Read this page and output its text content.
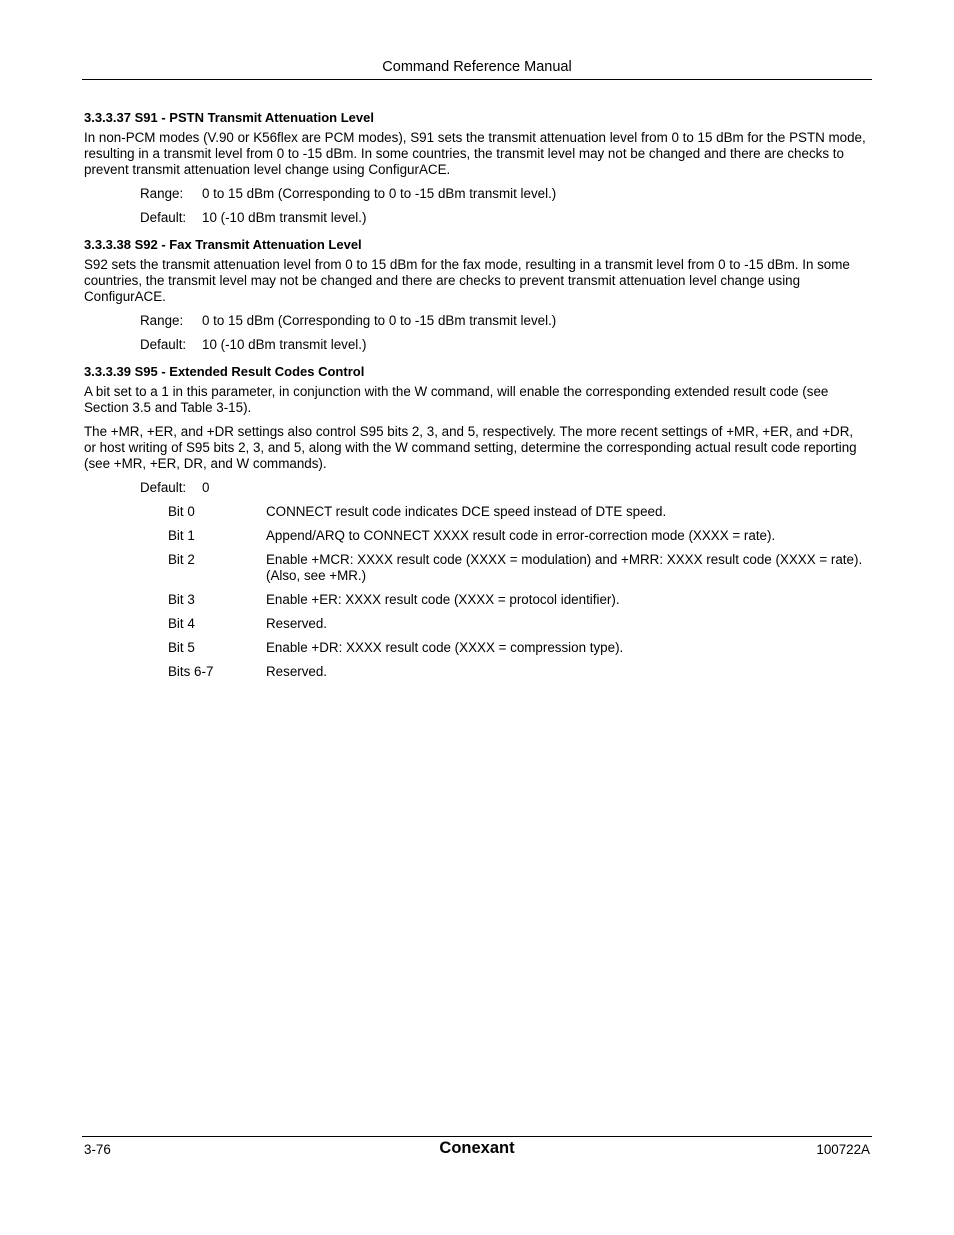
Command Reference Manual
3.3.3.37 S91 - PSTN Transmit Attenuation Level

In non-PCM modes (V.90 or K56flex are PCM modes), S91 sets the transmit attenuation level from 0 to 15 dBm for the PSTN mode, resulting in a transmit level from 0 to -15 dBm. In some countries, the transmit level may not be changed and there are checks to prevent transmit attenuation level change using ConfigurACE.

Range:	0 to 15 dBm (Corresponding to 0 to -15 dBm transmit level.)
Default:	10 (-10 dBm transmit level.)
3.3.3.38 S92 - Fax Transmit Attenuation Level

S92 sets the transmit attenuation level from 0 to 15 dBm for the fax mode, resulting in a transmit level from 0 to -15 dBm. In some countries, the transmit level may not be changed and there are checks to prevent transmit attenuation level change using ConfigurACE.

Range:	0 to 15 dBm (Corresponding to 0 to -15 dBm transmit level.)
Default:	10 (-10 dBm transmit level.)
3.3.3.39 S95 - Extended Result Codes Control

A bit set to a 1 in this parameter, in conjunction with the W command, will enable the corresponding extended result code (see Section 3.5 and Table 3-15).

The +MR, +ER, and +DR settings also control S95 bits 2, 3, and 5, respectively. The more recent settings of +MR, +ER, and +DR, or host writing of S95 bits 2, 3, and 5, along with the W command setting, determine the corresponding actual result code reporting (see +MR, +ER, DR, and W commands).

Default:	0
Bit 0	CONNECT result code indicates DCE speed instead of DTE speed.
Bit 1	Append/ARQ to CONNECT XXXX result code in error-correction mode (XXXX = rate).
Bit 2	Enable +MCR: XXXX result code (XXXX = modulation) and +MRR: XXXX result code (XXXX = rate). (Also, see +MR.)
Bit 3	Enable +ER: XXXX result code (XXXX = protocol identifier).
Bit 4	Reserved.
Bit 5	Enable +DR: XXXX result code (XXXX = compression type).
Bits 6-7	Reserved.
3-76	Conexant	100722A
